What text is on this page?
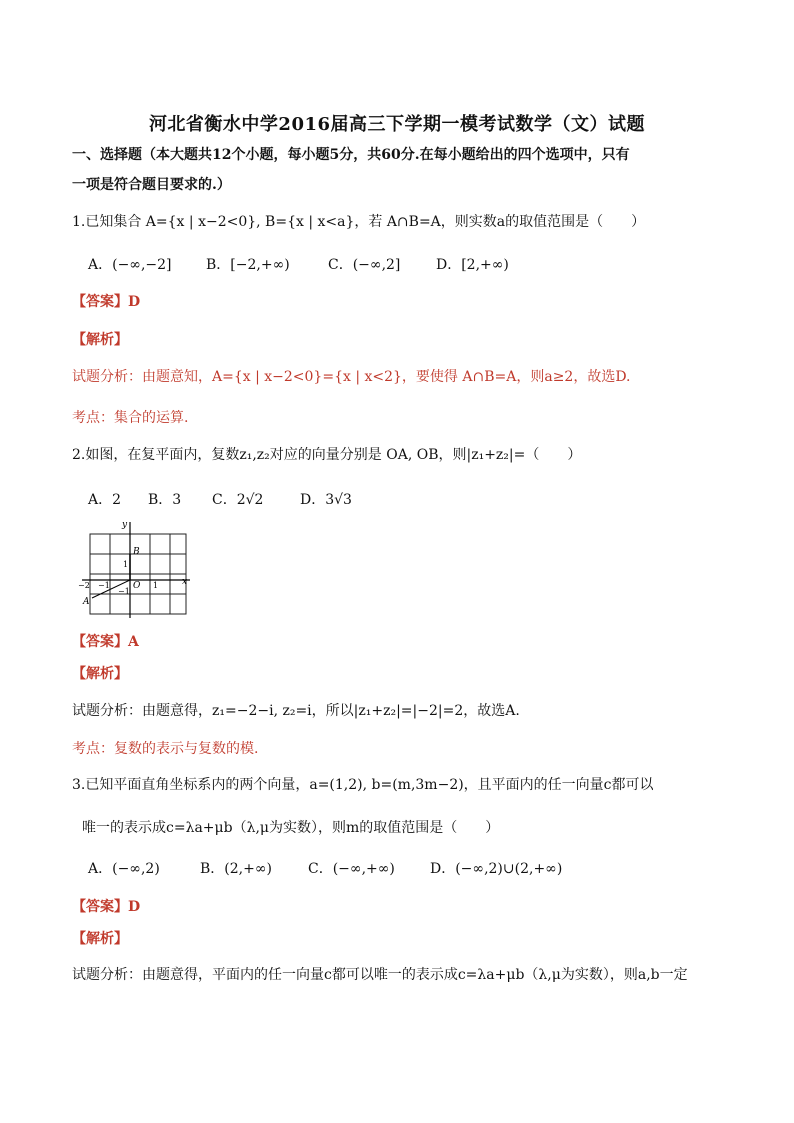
河北省衡水中学2016届高三下学期一模考试数学（文）试题
一、选择题（本大题共12个小题，每小题5分，共60分.在每小题给出的四个选项中，只有
一项是符合题目要求的.）
1.已知集合 A={x | x−2<0}, B={x | x<a}，若 A∩B=A，则实数a的取值范围是（　　）
A．(−∞,−2] B．[−2,+∞)	C．(−∞,2]	D．[2,+∞)
【答案】D
【解析】
试题分析：由题意知，A={x | x−2<0}={x | x<2}，要使得 A∩B=A，则a≥2，故选D.
考点：集合的运算.
2.如图，在复平面内，复数z₁,z₂对应的向量分别是 OA, OB，则|z₁+z₂|=（　　）
A．2 B．3 C．2√2	D．3√3
y
x
O
B
A
1
1
−1
−2
−1
【答案】A
【解析】
试题分析：由题意得，z₁=−2−i, z₂=i，所以|z₁+z₂|=|−2|=2，故选A.
考点：复数的表示与复数的模.
3.已知平面直角坐标系内的两个向量，a=(1,2), b=(m,3m−2)，且平面内的任一向量c都可以
唯一的表示成c=λa+μb（λ,μ为实数），则m的取值范围是（　　）
A．(−∞,2)	B．(2,+∞)	C．(−∞,+∞)	D．(−∞,2)∪(2,+∞)
【答案】D
【解析】
试题分析：由题意得，平面内的任一向量c都可以唯一的表示成c=λa+μb（λ,μ为实数），则a,b一定
